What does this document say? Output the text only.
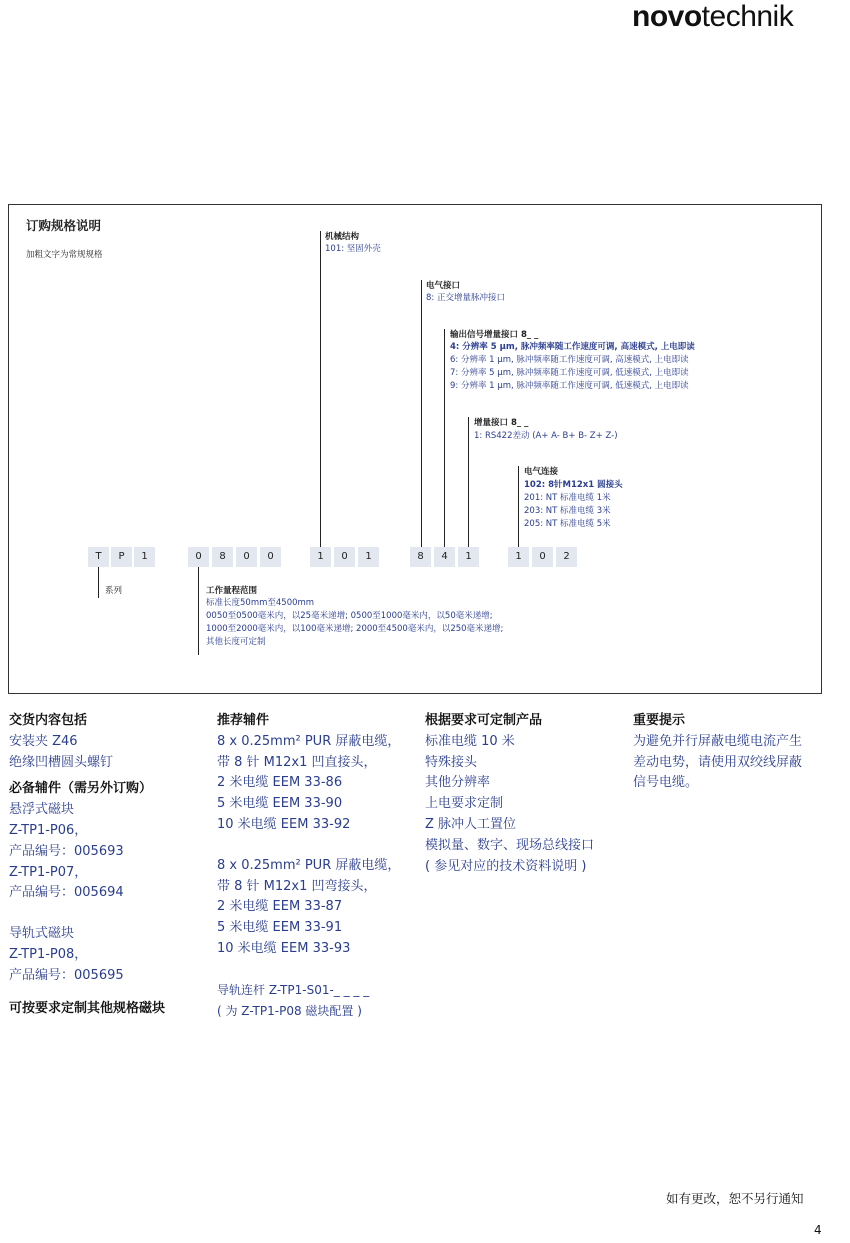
novotechnik
订购规格说明
加粗文字为常规规格
机械结构
101: 坚固外壳
电气接口
8: 正交增量脉冲接口
输出信号增量接口 8_ _
4: 分辨率 5 μm, 脉冲频率随工作速度可调, 高速模式, 上电即读
6: 分辨率 1 μm, 脉冲频率随工作速度可调, 高速模式, 上电即读
7: 分辨率 5 μm, 脉冲频率随工作速度可调, 低速模式, 上电即读
9: 分辨率 1 μm, 脉冲频率随工作速度可调, 低速模式, 上电即读
增量接口 8_ _
1: RS422差动 (A+ A- B+ B- Z+ Z-)
电气连接
102: 8针M12x1 圆接头
201: NT 标准电缆 1米
203: NT 标准电缆 3米
205: NT 标准电缆 5米
T	P	1	0	8	0	0	1	0	1	8	4	1	1	0	2
系列	工作量程范围
标准长度50mm至4500mm
0050至0500毫米内，以25毫米递增; 0500至1000毫米内，以50毫米递增;
1000至2000毫米内，以100毫米递增; 2000至4500毫米内，以250毫米递增;
其他长度可定制
交货内容包括
安装夹 Z46
绝缘凹槽圆头螺钉
必备辅件（需另外订购）
悬浮式磁块
Z-TP1-P06，
产品编号：005693
Z-TP1-P07，
产品编号：005694
导轨式磁块
Z-TP1-P08，
产品编号：005695
可按要求定制其他规格磁块
推荐辅件
8 x 0.25mm² PUR 屏蔽电缆，
带 8 针 M12x1 凹直接头，
2 米电缆 EEM 33-86
5 米电缆 EEM 33-90
10 米电缆 EEM 33-92
8 x 0.25mm² PUR 屏蔽电缆，
带 8 针 M12x1 凹弯接头，
2 米电缆 EEM 33-87
5 米电缆 EEM 33-91
10 米电缆 EEM 33-93
导轨连杆 Z-TP1-S01-_ _ _ _
( 为 Z-TP1-P08 磁块配置 )
根据要求可定制产品
标准电缆 10 米
特殊接头
其他分辨率
上电要求定制
Z 脉冲人工置位
模拟量、数字、现场总线接口
( 参见对应的技术资料说明 )
重要提示
为避免并行屏蔽电缆电流产生
差动电势，请使用双绞线屏蔽
信号电缆。
如有更改，恕不另行通知
4
